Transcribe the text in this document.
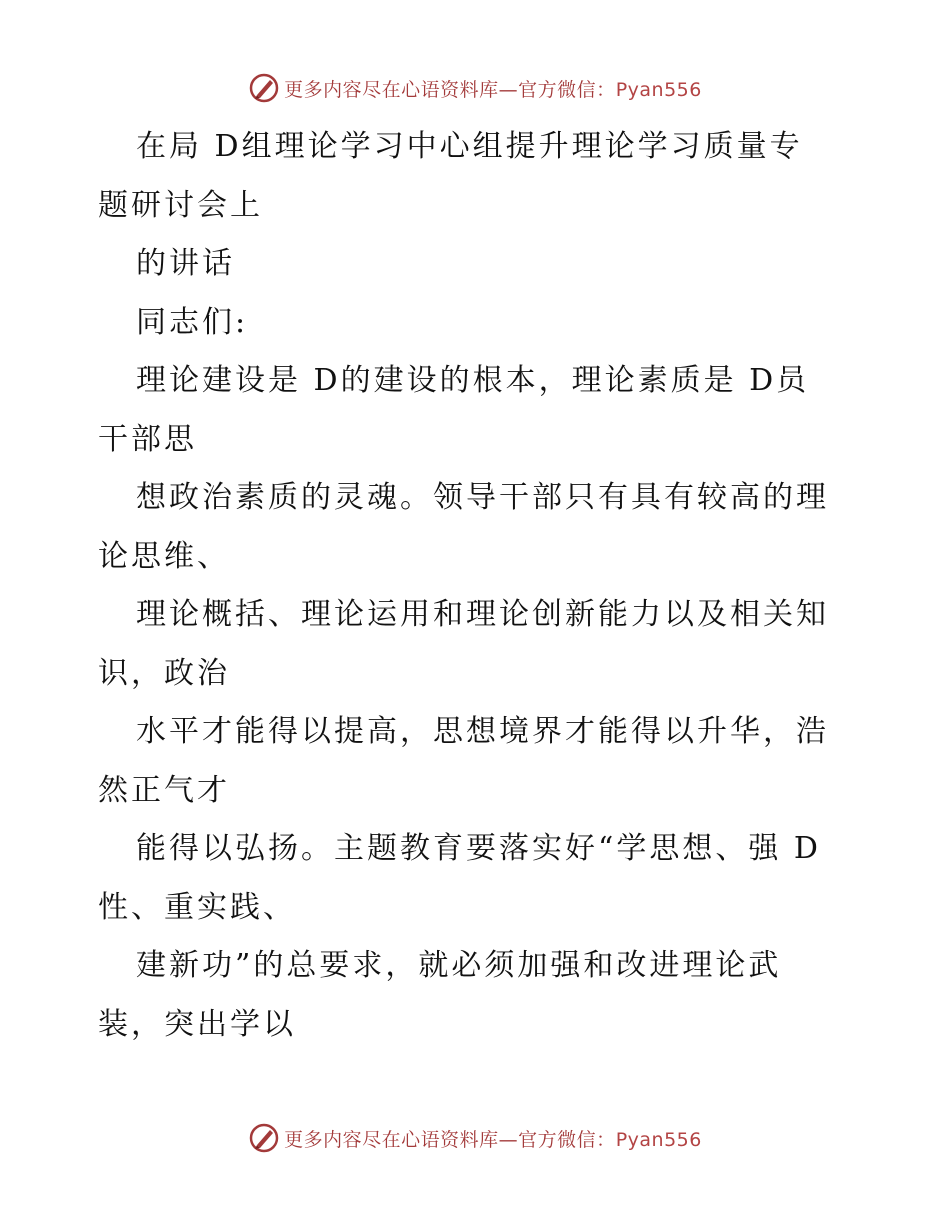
更多内容尽在心语资料库—官方微信：Pyan556
在局 D组理论学习中心组提升理论学习质量专
题研讨会上
的讲话
同志们:
理论建设是 D的建设的根本，理论素质是 D员
干部思
想政治素质的灵魂。领导干部只有具有较高的理
论思维、
理论概括、理论运用和理论创新能力以及相关知
识，政治
水平才能得以提高，思想境界才能得以升华，浩
然正气才
能得以弘扬。主题教育要落实好“学思想、强 D
性、重实践、
建新功”的总要求，就必须加强和改进理论武
装，突出学以
更多内容尽在心语资料库—官方微信：Pyan556
